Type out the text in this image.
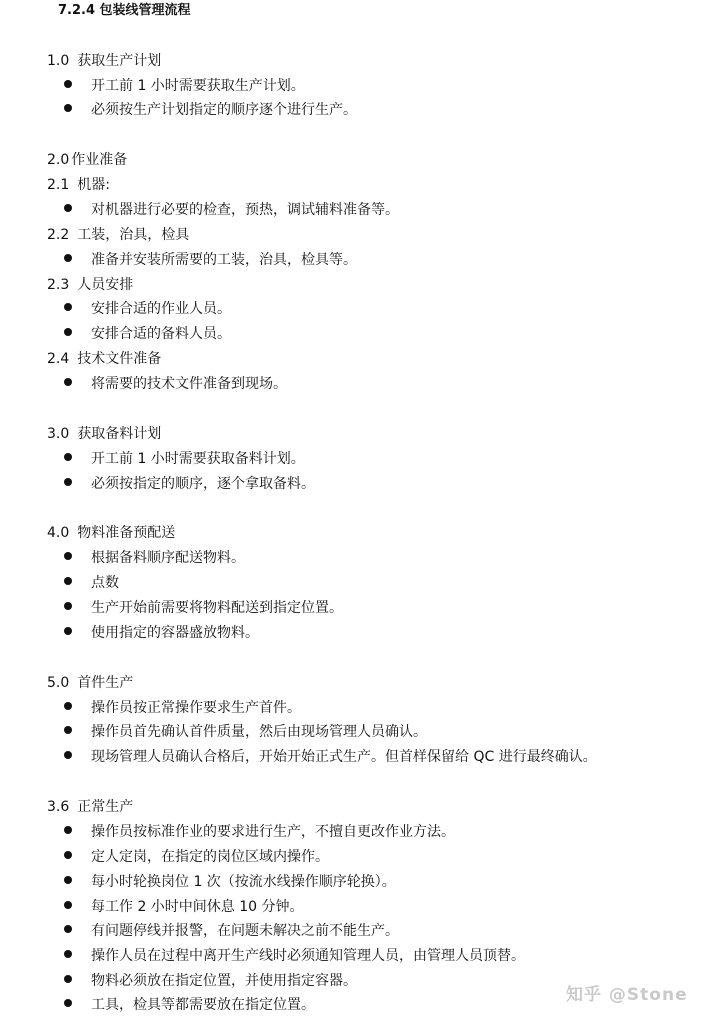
7.2.4 包装线管理流程
1.0 获取生产计划
开工前 1 小时需要获取生产计划。
必须按生产计划指定的顺序逐个进行生产。
2.0 作业准备
2.1 机器:
对机器进行必要的检查，预热，调试辅料准备等。
2.2 工装，治具，检具
准备并安装所需要的工装，治具，检具等。
2.3 人员安排
安排合适的作业人员。
安排合适的备料人员。
2.4 技术文件准备
将需要的技术文件准备到现场。
3.0 获取备料计划
开工前 1 小时需要获取备料计划。
必须按指定的顺序，逐个拿取备料。
4.0 物料准备预配送
根据备料顺序配送物料。
点数
生产开始前需要将物料配送到指定位置。
使用指定的容器盛放物料。
5.0 首件生产
操作员按正常操作要求生产首件。
操作员首先确认首件质量，然后由现场管理人员确认。
现场管理人员确认合格后，开始开始正式生产。但首样保留给 QC 进行最终确认。
3.6 正常生产
操作员按标准作业的要求进行生产，不擅自更改作业方法。
定人定岗，在指定的岗位区域内操作。
每小时轮换岗位 1 次（按流水线操作顺序轮换）。
每工作 2 小时中间休息 10 分钟。
有问题停线并报警，在问题未解决之前不能生产。
操作人员在过程中离开生产线时必须通知管理人员，由管理人员顶替。
物料必须放在指定位置，并使用指定容器。
工具，检具等都需要放在指定位置。	知乎 @Stone
